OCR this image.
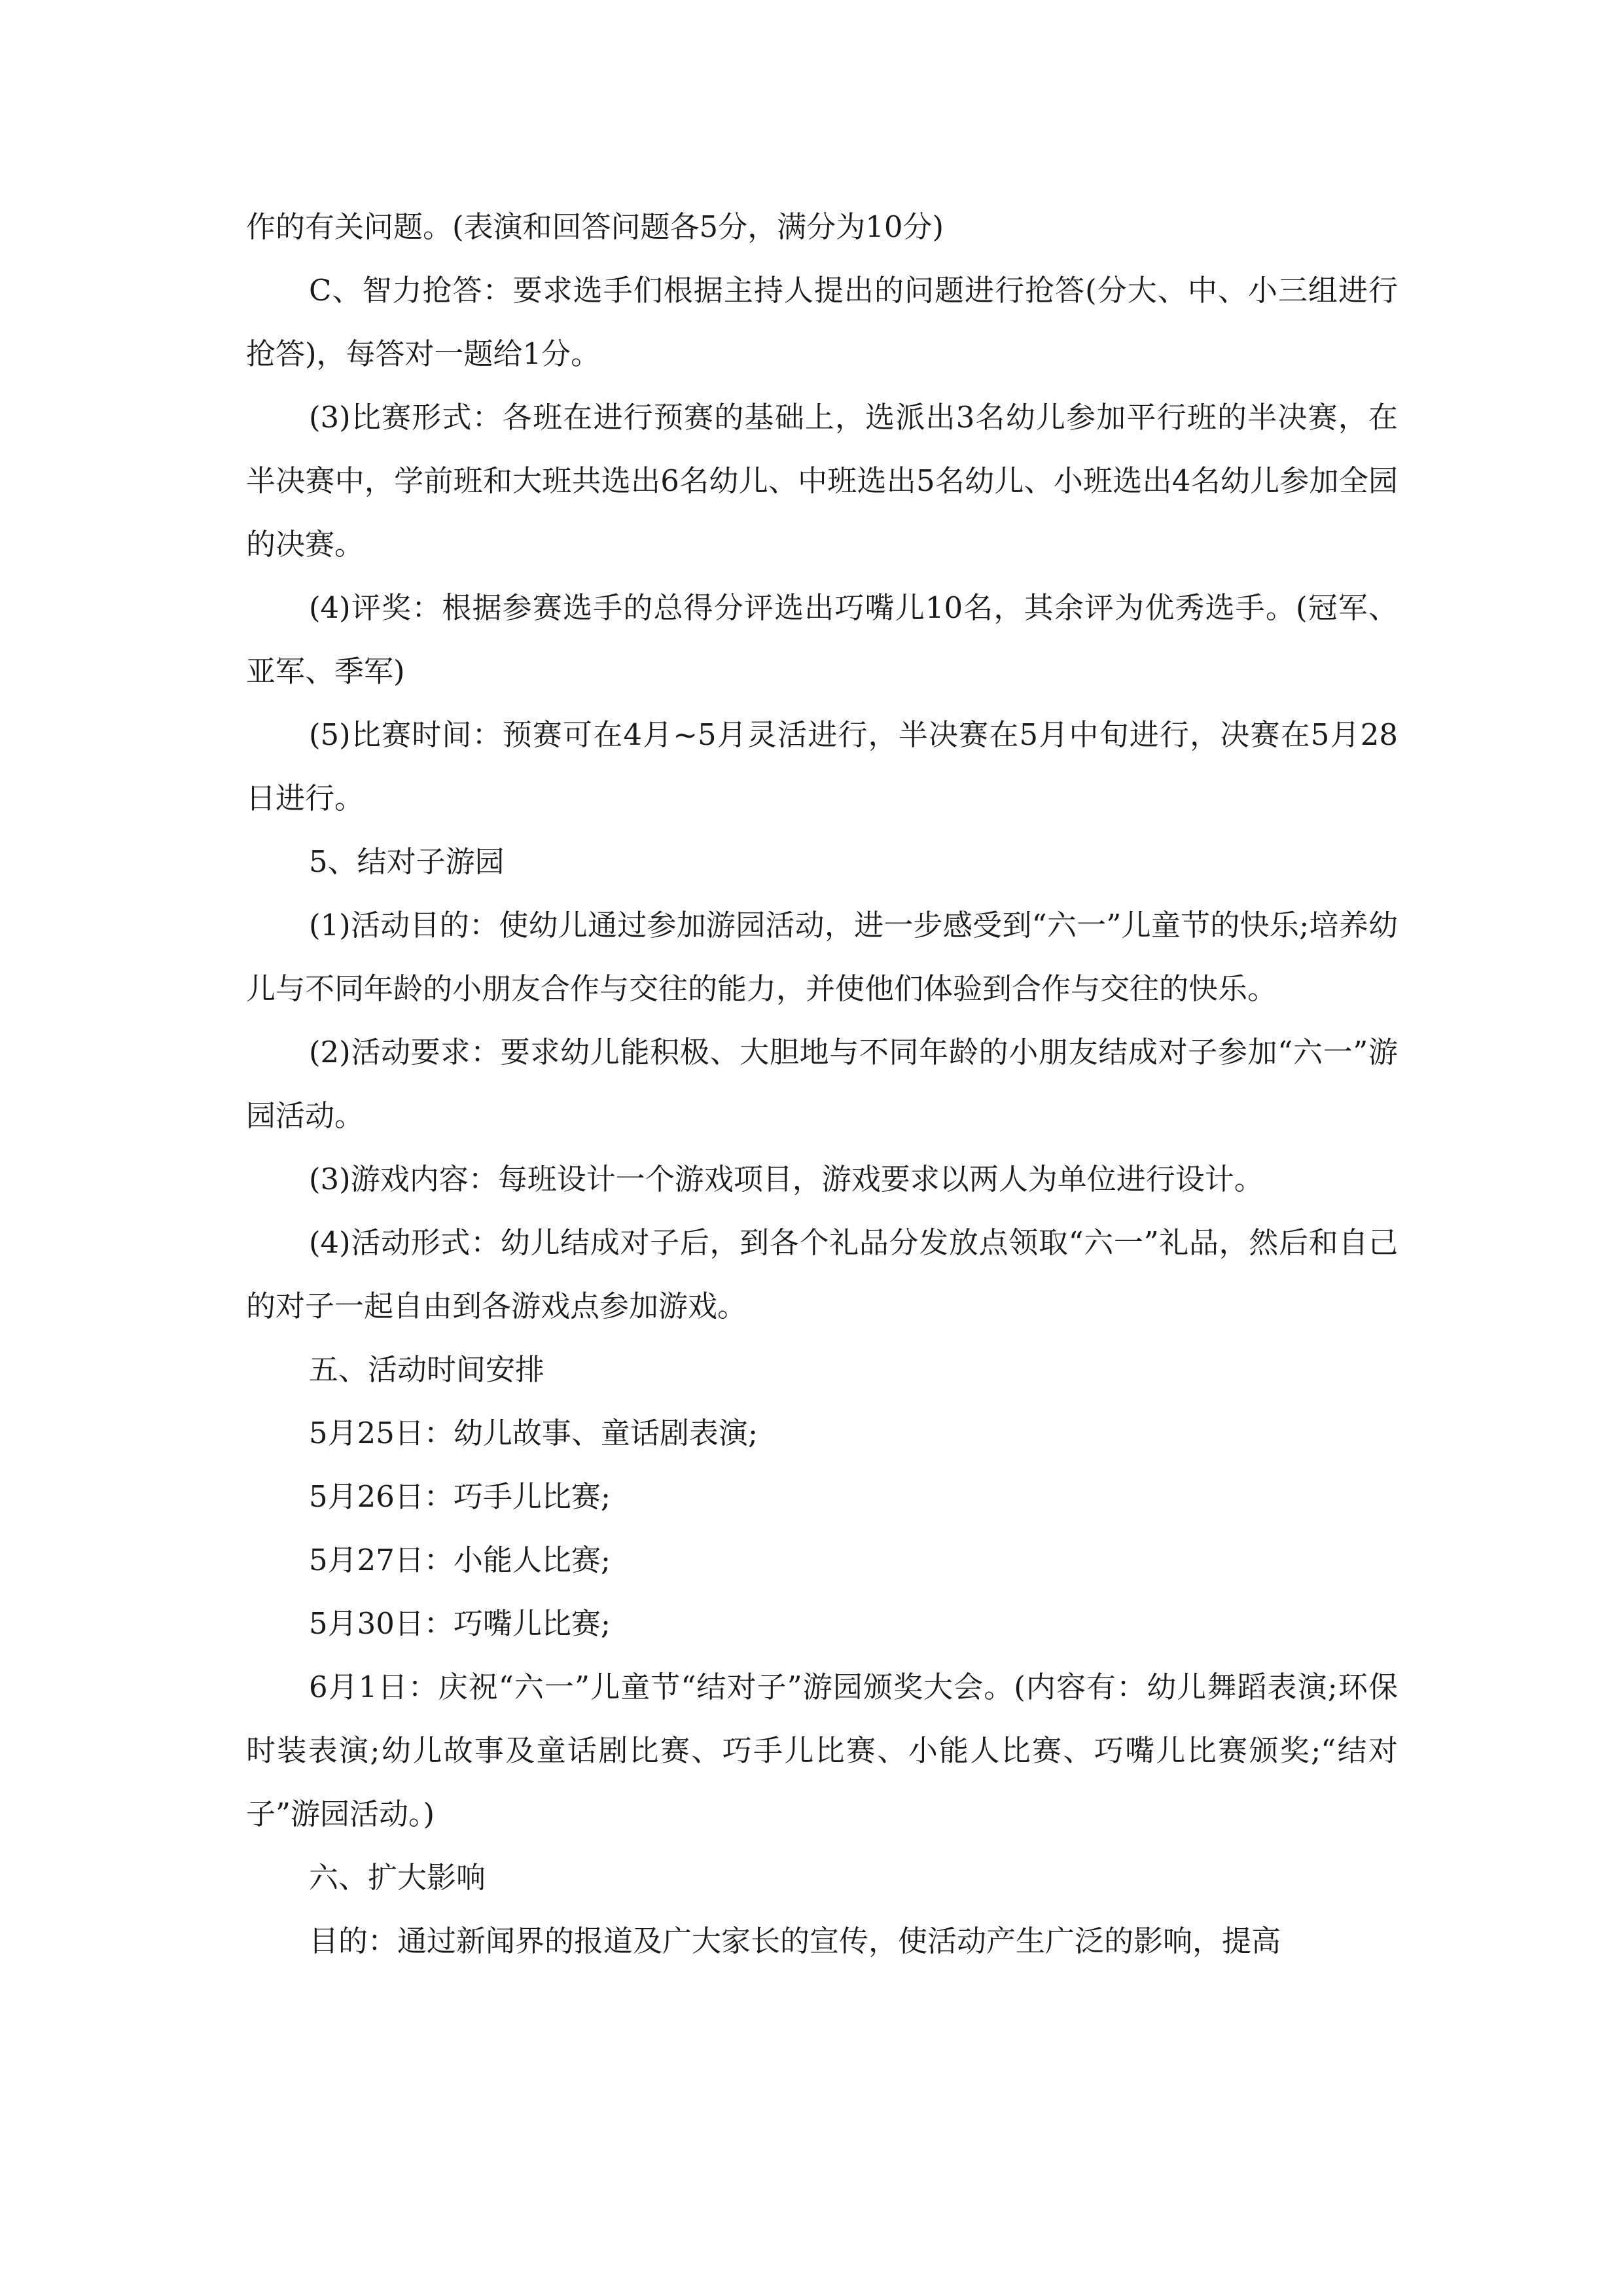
作的有关问题。(表演和回答问题各5分，满分为10分)

C、智力抢答：要求选手们根据主持人提出的问题进行抢答(分大、中、小三组进行抢答)，每答对一题给1分。

(3)比赛形式：各班在进行预赛的基础上，选派出3名幼儿参加平行班的半决赛，在半决赛中，学前班和大班共选出6名幼儿、中班选出5名幼儿、小班选出4名幼儿参加全园的决赛。

(4)评奖：根据参赛选手的总得分评选出巧嘴儿10名，其余评为优秀选手。(冠军、亚军、季军)

(5)比赛时间：预赛可在4月~5月灵活进行，半决赛在5月中旬进行，决赛在5月28日进行。

5、结对子游园

(1)活动目的：使幼儿通过参加游园活动，进一步感受到“六一”儿童节的快乐;培养幼儿与不同年龄的小朋友合作与交往的能力，并使他们体验到合作与交往的快乐。

(2)活动要求：要求幼儿能积极、大胆地与不同年龄的小朋友结成对子参加“六一”游园活动。

(3)游戏内容：每班设计一个游戏项目，游戏要求以两人为单位进行设计。

(4)活动形式：幼儿结成对子后，到各个礼品分发放点领取“六一”礼品，然后和自己的对子一起自由到各游戏点参加游戏。

五、活动时间安排

5月25日：幼儿故事、童话剧表演;

5月26日：巧手儿比赛;

5月27日：小能人比赛;

5月30日：巧嘴儿比赛;

6月1日：庆祝“六一”儿童节“结对子”游园颁奖大会。(内容有：幼儿舞蹈表演;环保时装表演;幼儿故事及童话剧比赛、巧手儿比赛、小能人比赛、巧嘴儿比赛颁奖;“结对子”游园活动。)

六、扩大影响

目的：通过新闻界的报道及广大家长的宣传，使活动产生广泛的影响，提高
